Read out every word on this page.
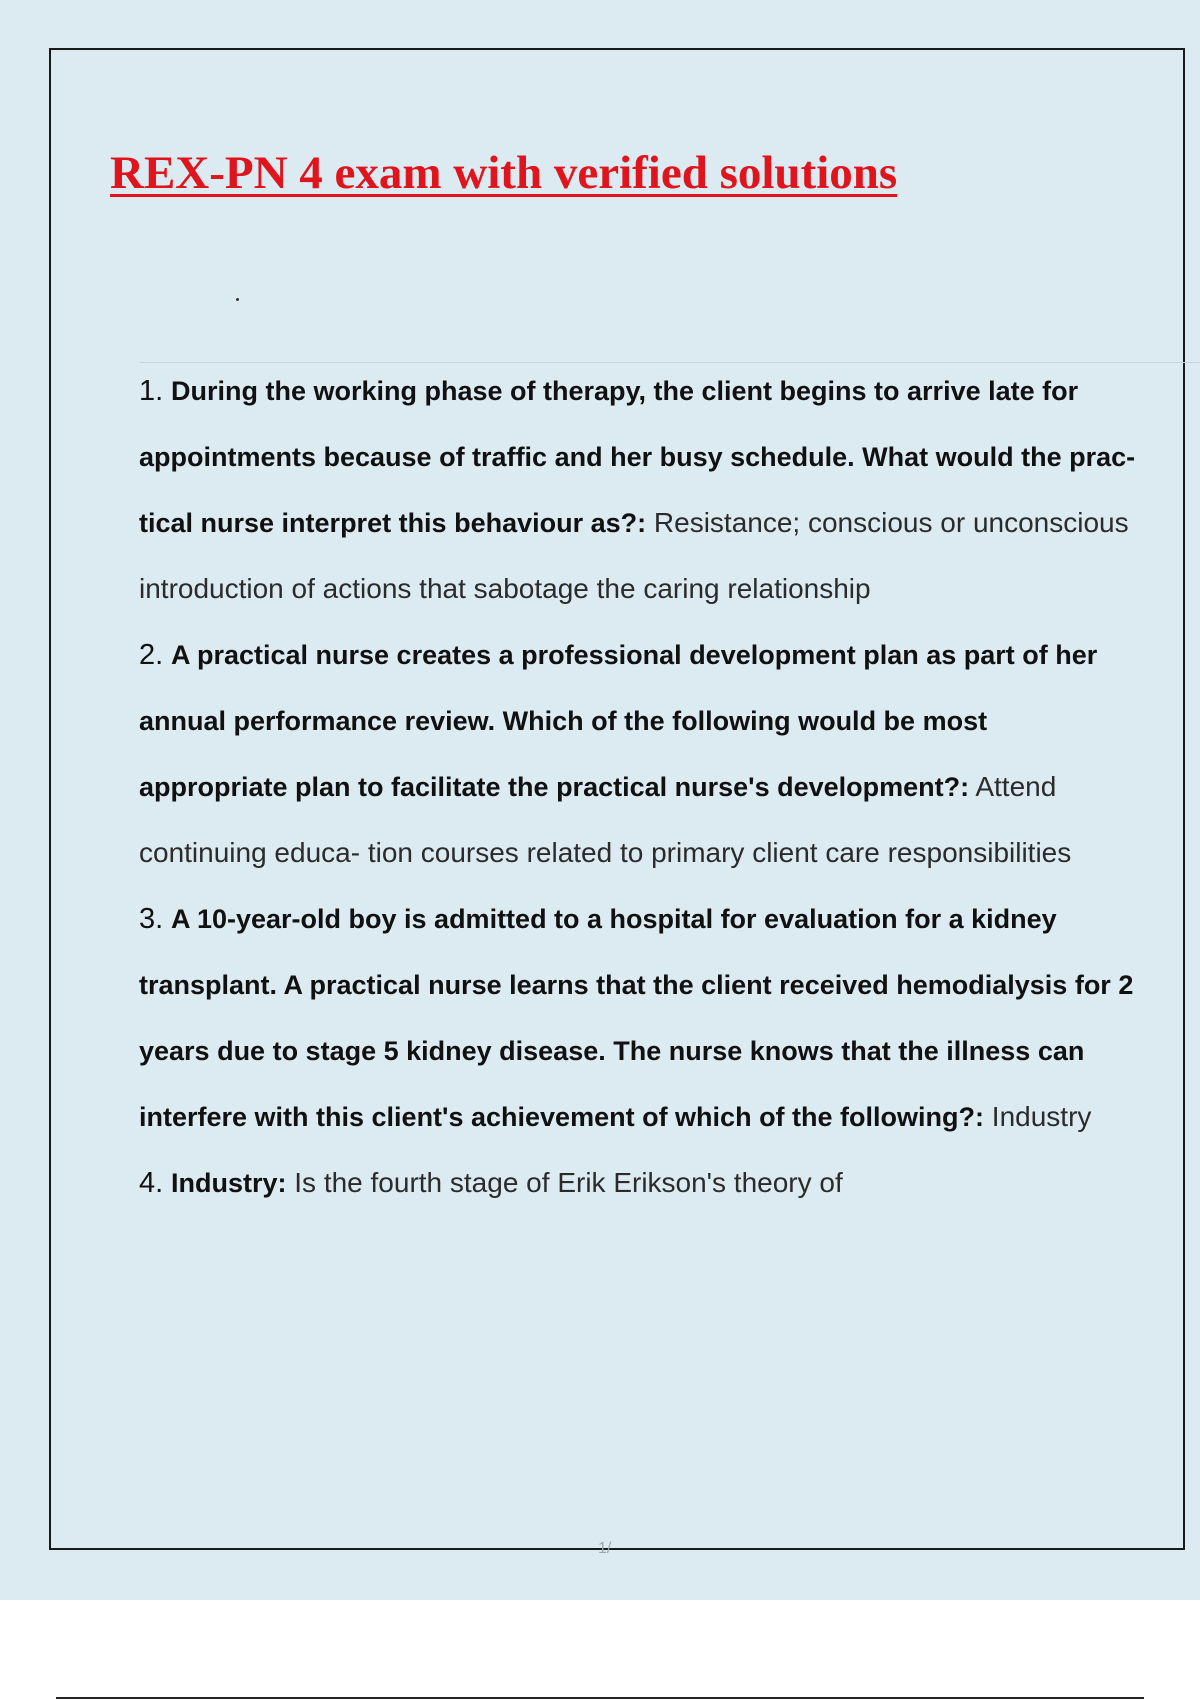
REX-PN 4 exam with verified solutions

1. During the working phase of therapy, the client begins to arrive late for appointments because of traffic and her busy schedule. What would the prac- tical nurse interpret this behaviour as?: Resistance; conscious or unconscious introduction of actions that sabotage the caring relationship

2. A practical nurse creates a professional development plan as part of her annual performance review. Which of the following would be most appropriate plan to facilitate the practical nurse's development?: Attend continuing educa- tion courses related to primary client care responsibilities

3. A 10-year-old boy is admitted to a hospital for evaluation for a kidney transplant. A practical nurse learns that the client received hemodialysis for 2 years due to stage 5 kidney disease. The nurse knows that the illness can interfere with this client's achievement of which of the following?: Industry

4. Industry: Is the fourth stage of Erik Erikson's theory of

1/
